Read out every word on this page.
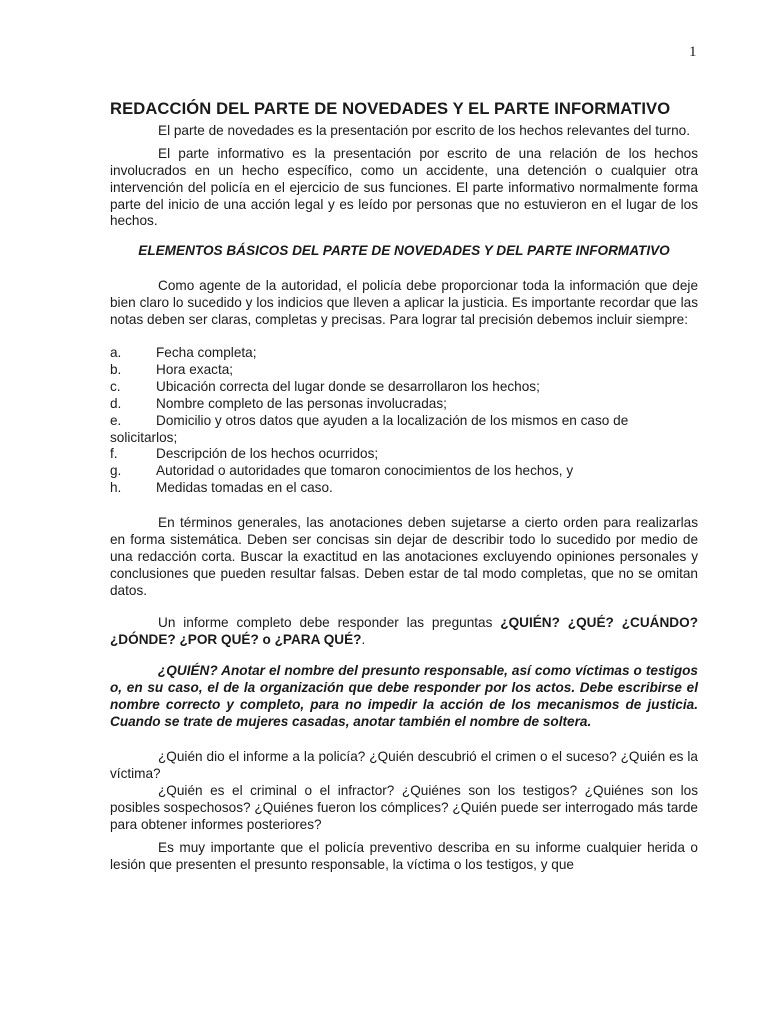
1
REDACCIÓN DEL PARTE DE NOVEDADES Y EL PARTE INFORMATIVO

El parte de novedades es la presentación por escrito de los hechos relevantes del turno.

El parte informativo es la presentación por escrito de una relación de los hechos involucrados en un hecho específico, como un accidente, una detención o cualquier otra intervención del policía en el ejercicio de sus funciones. El parte informativo normalmente forma parte del inicio de una acción legal y es leído por personas que no estuvieron en el lugar de los hechos.

ELEMENTOS BÁSICOS DEL PARTE DE NOVEDADES Y DEL PARTE INFORMATIVO

Como agente de la autoridad, el policía debe proporcionar toda la información que deje bien claro lo sucedido y los indicios que lleven a aplicar la justicia. Es importante recordar que las notas deben ser claras, completas y precisas. Para lograr tal precisión debemos incluir siempre:

a.	Fecha completa;
b.	Hora exacta;
c.	Ubicación correcta del lugar donde se desarrollaron los hechos;
d.	Nombre completo de las personas involucradas;
e.	Domicilio y otros datos que ayuden a la localización de los mismos en caso de solicitarlos;
f.	Descripción de los hechos ocurridos;
g.	Autoridad o autoridades que tomaron conocimientos de los hechos, y
h.	Medidas tomadas en el caso.

En términos generales, las anotaciones deben sujetarse a cierto orden para realizarlas en forma sistemática. Deben ser concisas sin dejar de describir todo lo sucedido por medio de una redacción corta. Buscar la exactitud en las anotaciones excluyendo opiniones personales y conclusiones que pueden resultar falsas. Deben estar de tal modo completas, que no se omitan datos.

Un informe completo debe responder las preguntas ¿QUIÉN? ¿QUÉ? ¿CUÁNDO? ¿DÓNDE? ¿POR QUÉ? o ¿PARA QUÉ?.

¿QUIÉN? Anotar el nombre del presunto responsable, así como víctimas o testigos o, en su caso, el de la organización que debe responder por los actos. Debe escribirse el nombre correcto y completo, para no impedir la acción de los mecanismos de justicia. Cuando se trate de mujeres casadas, anotar también el nombre de soltera.

¿Quién dio el informe a la policía? ¿Quién descubrió el crimen o el suceso? ¿Quién es la víctima?

¿Quién es el criminal o el infractor? ¿Quiénes son los testigos? ¿Quiénes son los posibles sospechosos? ¿Quiénes fueron los cómplices? ¿Quién puede ser interrogado más tarde para obtener informes posteriores?

Es muy importante que el policía preventivo describa en su informe cualquier herida o lesión que presenten el presunto responsable, la víctima o los testigos, y que
